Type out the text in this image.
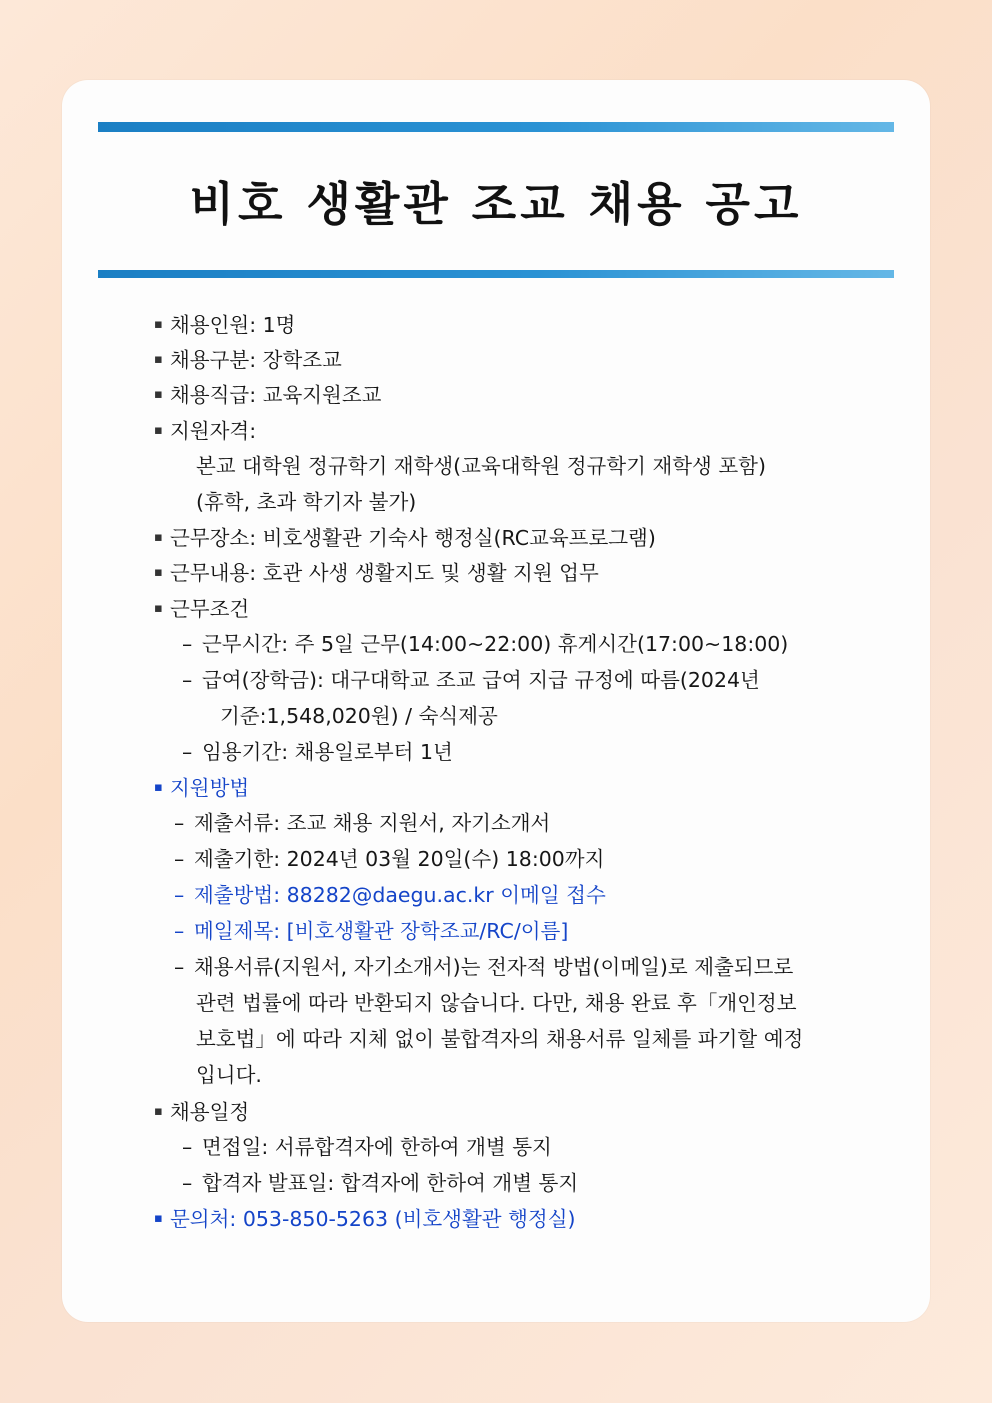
비호 생활관 조교 채용 공고
▪ 채용인원: 1명
▪ 채용구분: 장학조교
▪ 채용직급: 교육지원조교
▪ 지원자격:
본교 대학원 정규학기 재학생(교육대학원 정규학기 재학생 포함)
(휴학, 초과 학기자 불가)
▪ 근무장소: 비호생활관 기숙사 행정실(RC교육프로그램)
▪ 근무내용: 호관 사생 생활지도 및 생활 지원 업무
▪ 근무조건
– 근무시간: 주 5일 근무(14:00~22:00) 휴게시간(17:00~18:00)
– 급여(장학금): 대구대학교 조교 급여 지급 규정에 따름(2024년
기준:1,548,020원) / 숙식제공
– 임용기간: 채용일로부터 1년
▪ 지원방법
– 제출서류: 조교 채용 지원서, 자기소개서
– 제출기한: 2024년 03월 20일(수) 18:00까지
– 제출방법: 88282@daegu.ac.kr 이메일 접수
– 메일제목: [비호생활관 장학조교/RC/이름]
– 채용서류(지원서, 자기소개서)는 전자적 방법(이메일)로 제출되므로
관련 법률에 따라 반환되지 않습니다. 다만, 채용 완료 후「개인정보
보호법」에 따라 지체 없이 불합격자의 채용서류 일체를 파기할 예정
입니다.
▪ 채용일정
– 면접일: 서류합격자에 한하여 개별 통지
– 합격자 발표일: 합격자에 한하여 개별 통지
▪ 문의처: 053-850-5263 (비호생활관 행정실)
